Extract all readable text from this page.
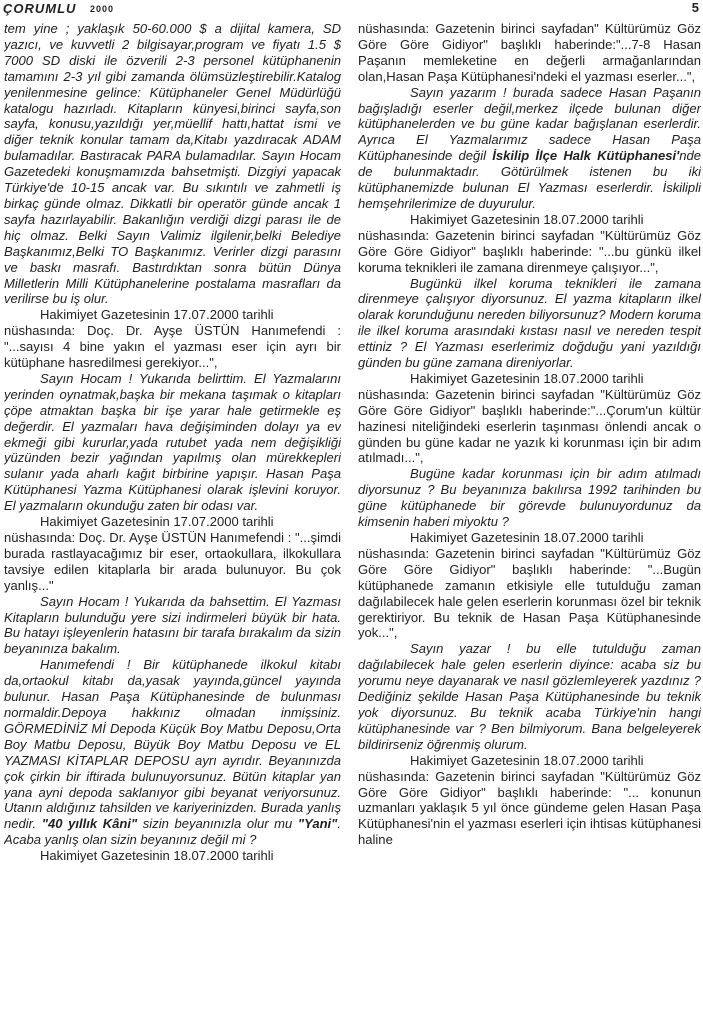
ÇORUMLU 2000	5

tem yine ; yaklaşık 50-60.000 $ a dijital kamera, SD yazıcı, ve kuvvetli 2 bilgisayar,program ve fiyatı 1.5 $ 7000 SD diski ile özverili 2-3 personel kütüphanenin tamamını 2-3 yıl gibi zamanda ölümsüzleştirebilir.Katalog yenilenmesine gelince: Kütüphaneler Genel Müdürlüğü katalogu hazırladı. Kitapların künyesi,birinci sayfa,son sayfa, konusu,yazıldığı yer,müellif hattı,hattat ismi ve diğer teknik konular tamam da,Kitabı yazdıracak ADAM bulamadılar. Bastıracak PARA bulamadılar. Sayın Hocam Gazetedeki konuşmamızda bahsetmişti. Dizgiyi yapacak Türkiye'de 10-15 ancak var. Bu sıkıntılı ve zahmetli iş birkaç günde olmaz. Dikkatli bir operatör günde ancak 1 sayfa hazırlayabilir. Bakanlığın verdiği dizgi parası ile de hiç olmaz. Belki Sayın Valimiz ilgilenir,belki Belediye Başkanımız,Belki TO Başkanımız. Verirler dizgi parasını ve baskı masrafı. Bastırdıktan sonra bütün Dünya Milletlerin Milli Kütüphanelerine postalama masrafları da verilirse bu iş olur.

Hakimiyet Gazetesinin 17.07.2000 tarihli

nüshasında: Doç. Dr. Ayşe ÜSTÜN Hanımefendi : "...sayısı 4 bine yakın el yazması eser için ayrı bir kütüphane hasredilmesi gerekiyor...",

Sayın Hocam ! Yukarıda belirttim. El Yazmalarını yerinden oynatmak,başka bir mekana taşımak o kitapları çöpe atmaktan başka bir işe yarar hale getirmekle eş değerdir. El yazmaları hava değişiminden dolayı ya ev ekmeği gibi kururlar,yada rutubet yada nem değişikliği yüzünden bezir yağından yapılmış olan mürekkepleri sulanır yada aharlı kağıt birbirine yapışır. Hasan Paşa Kütüphanesi Yazma Kütüphanesi olarak işlevini koruyor. El yazmaların okunduğu zaten bir odası var.

Hakimiyet Gazetesinin 17.07.2000 tarihli

nüshasında: Doç. Dr. Ayşe ÜSTÜN Hanımefendi : "...şimdi burada rastlayacağımız bir eser, ortaokullara, ilkokullara tavsiye edilen kitaplarla bir arada bulunuyor. Bu çok yanlış..."

Sayın Hocam ! Yukarıda da bahsettim. El Yazması Kitapların bulunduğu yere sizi indirmeleri büyük bir hata. Bu hatayı işleyenlerin hatasını bir tarafa bırakalım da sizin beyanınıza bakalım.

Hanımefendi ! Bir kütüphanede ilkokul kitabı da,ortaokul kitabı da,yasak yayında,güncel yayında bulunur. Hasan Paşa Kütüphanesinde de bulunması normaldir.Depoya hakkınız olmadan inmişsiniz. GÖRMEDİNİZ Mİ Depoda Küçük Boy Matbu Deposu,Orta Boy Matbu Deposu, Büyük Boy Matbu Deposu ve EL YAZMASI KİTAPLAR DEPOSU ayrı ayrıdır. Beyanınızda çok çirkin bir iftirada bulunuyorsunuz. Bütün kitaplar yan yana ayni depoda saklanıyor gibi beyanat veriyorsunuz. Utanın aldığınız tahsilden ve kariyerinizden. Burada yanlış nedir. "40 yıllık Kâni" sizin beyanınızla olur mu "Yani". Acaba yanlış olan sizin beyanınız değil mi ?

Hakimiyet Gazetesinin 18.07.2000 tarihli

nüshasında: Gazetenin birinci sayfadan" Kültürümüz Göz Göre Göre Gidiyor" başlıklı haberinde:"...7-8 Hasan Paşanın memleketine en değerli armağanlarından olan,Hasan Paşa Kütüphanesi'ndeki el yazması eserler...",

Sayın yazarım ! burada sadece Hasan Paşanın bağışladığı eserler değil,merkez ilçede bulunan diğer kütüphanelerden ve bu güne kadar bağışlanan eserlerdir. Ayrıca El Yazmalarımız sadece Hasan Paşa Kütüphanesinde değil İskilip İlçe Halk Kütüphanesi'nde de bulunmaktadır. Götürülmek istenen bu iki kütüphanemizde bulunan El Yazması eserlerdir. İskilipli hemşehrilerimize de duyurulur.

Hakimiyet Gazetesinin 18.07.2000 tarihli

nüshasında: Gazetenin birinci sayfadan "Kültürümüz Göz Göre Göre Gidiyor" başlıklı haberinde: "...bu günkü ilkel koruma teknikleri ile zamana direnmeye çalışıyor...",

Bugünkü ilkel koruma teknikleri ile zamana direnmeye çalışıyor diyorsunuz. El yazma kitapların ilkel olarak korunduğunu nereden biliyorsunuz? Modern koruma ile ilkel koruma arasındaki kıstası nasıl ve nereden tespit ettiniz ? El Yazması eserlerimiz doğduğu yani yazıldığı günden bu güne zamana direniyorlar.

Hakimiyet Gazetesinin 18.07.2000 tarihli

nüshasında: Gazetenin birinci sayfadan "Kültürümüz Göz Göre Göre Gidiyor" başlıklı haberinde:"...Çorum'un kültür hazinesi niteliğindeki eserlerin taşınması önlendi ancak o günden bu güne kadar ne yazık ki korunması için bir adım atılmadı...",

Bugüne kadar korunması için bir adım atılmadı diyorsunuz ? Bu beyanınıza bakılırsa 1992 tarihinden bu güne kütüphanede bir görevde bulunuyordunuz da kimsenin haberi miyoktu ?

Hakimiyet Gazetesinin 18.07.2000 tarihli

nüshasında: Gazetenin birinci sayfadan "Kültürümüz Göz Göre Göre Gidiyor" başlıklı haberinde: "...Bugün kütüphanede zamanın etkisiyle elle tutulduğu zaman dağılabilecek hale gelen eserlerin korunması özel bir teknik gerektiriyor. Bu teknik de Hasan Paşa Kütüphanesinde yok...",

Sayın yazar ! bu elle tutulduğu zaman dağılabilecek hale gelen eserlerin diyince: acaba siz bu yorumu neye dayanarak ve nasıl gözlemleyerek yazdınız ? Dediğiniz şekilde Hasan Paşa Kütüphanesinde bu teknik yok diyorsunuz. Bu teknik acaba Türkiye'nin hangi kütüphanesinde var ? Ben bilmiyorum. Bana belgeleyerek bildirirseniz öğrenmiş olurum.

Hakimiyet Gazetesinin 18.07.2000 tarihli

nüshasında: Gazetenin birinci sayfadan "Kültürümüz Göz Göre Göre Gidiyor" başlıklı haberinde: "... konunun uzmanları yaklaşık 5 yıl önce gündeme gelen Hasan Paşa Kütüphanesi'nin el yazması eserleri için ihtisas kütüphanesi haline
